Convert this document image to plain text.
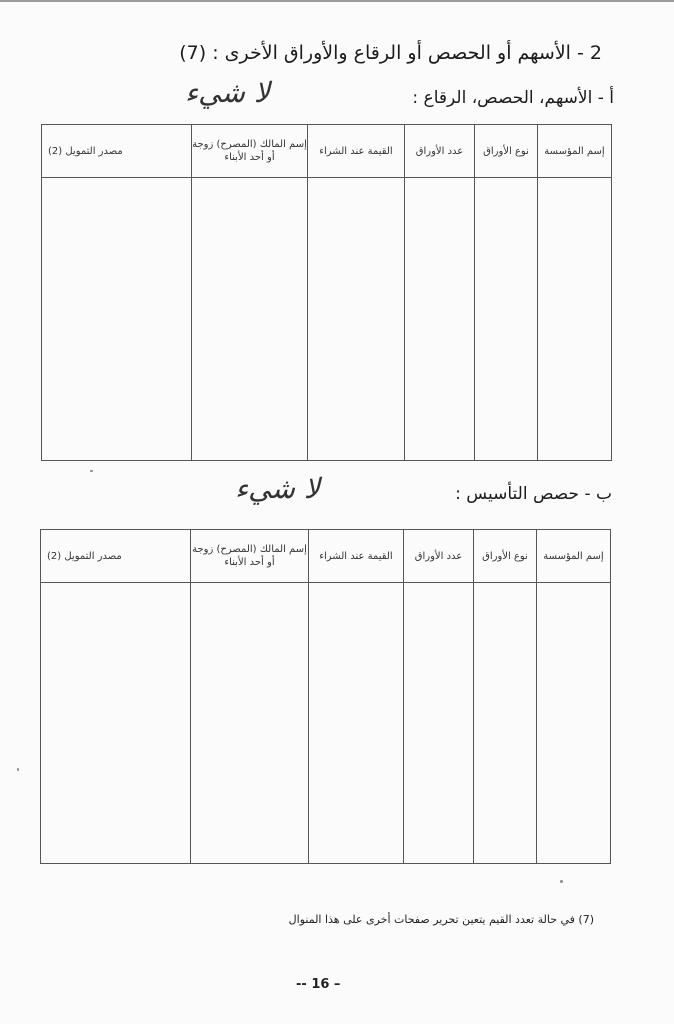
2 - الأسهم أو الحصص أو الرقاع والأوراق الأخرى : (7)
أ - الأسهم، الحصص، الرقاع :
لا شيء
إسم المؤسسة	نوع الأوراق	عدد الأوراق	القيمة عند الشراء	إسم المالك (المصرح) زوجة أو أحد الأبناء	مصدر التمويل (2)

ب - حصص التأسيس :
لا شيء
إسم المؤسسة	نوع الأوراق	عدد الأوراق	القيمة عند الشراء	إسم المالك (المصرح) زوجة أو أحد الأبناء	مصدر التمويل (2)

(7) في حالة تعدد القيم يتعين تحرير صفحات أخرى على هذا المنوال
-- 16 –
